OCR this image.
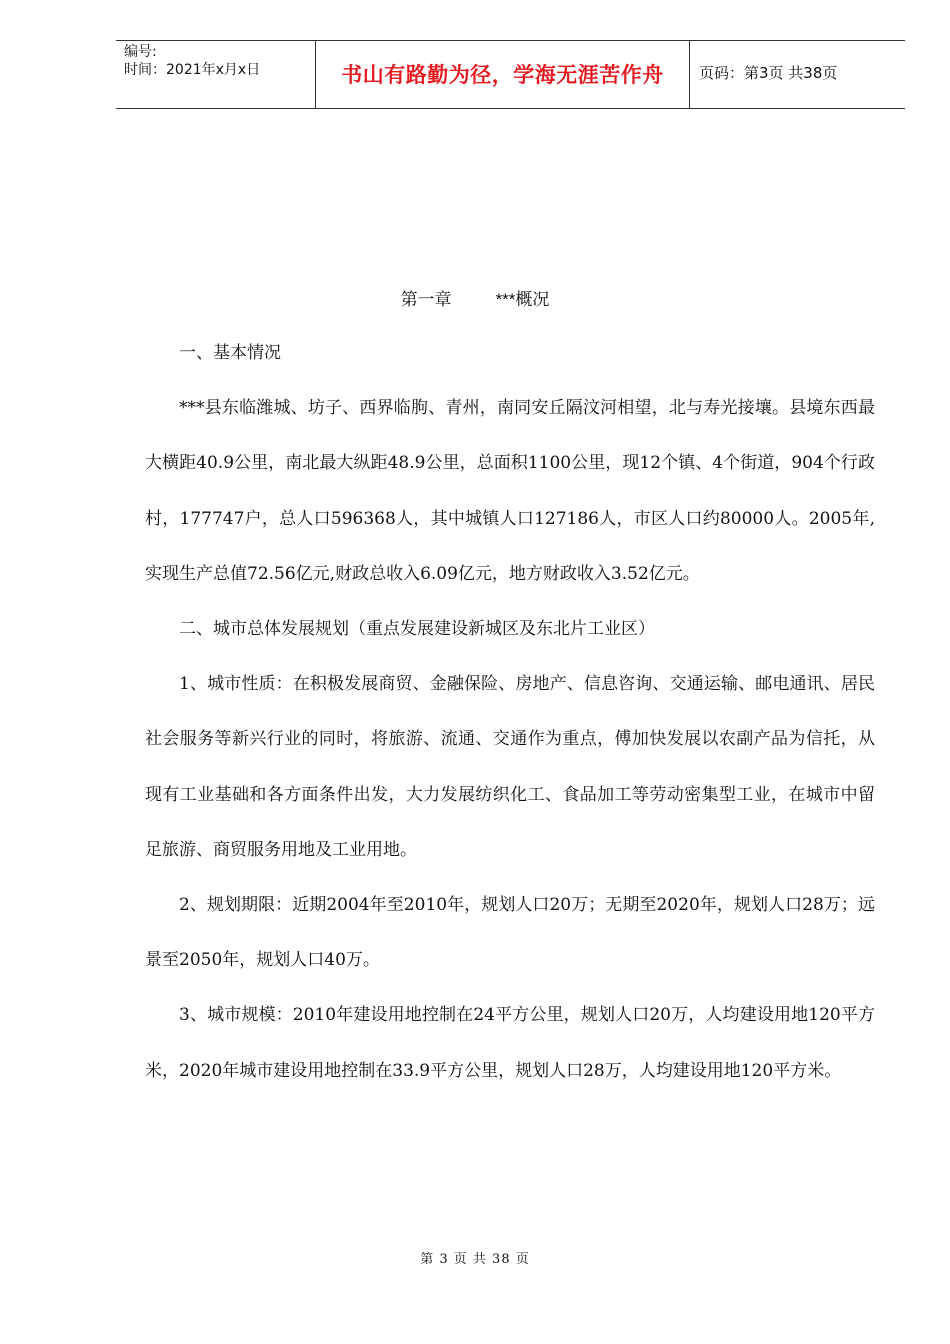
编号:
时间：2021年x月x日	书山有路勤为径，学海无涯苦作舟	页码：第3页 共38页
第一章	***概况

一、基本情况

***县东临潍城、坊子、西界临朐、青州，南同安丘隔汶河相望，北与寿光接壤。县境东西最大横距40.9公里，南北最大纵距48.9公里，总面积1100公里，现12个镇、4个街道，904个行政村，177747户，总人口596368人，其中城镇人口127186人，市区人口约80000人。2005年,实现生产总值72.56亿元,财政总收入6.09亿元，地方财政收入3.52亿元。

二、城市总体发展规划（重点发展建设新城区及东北片工业区）

1、城市性质：在积极发展商贸、金融保险、房地产、信息咨询、交通运输、邮电通讯、居民社会服务等新兴行业的同时，将旅游、流通、交通作为重点，傅加快发展以农副产品为信托，从现有工业基础和各方面条件出发，大力发展纺织化工、食品加工等劳动密集型工业，在城市中留足旅游、商贸服务用地及工业用地。

2、规划期限：近期2004年至2010年，规划人口20万；无期至2020年，规划人口28万；远景至2050年，规划人口40万。

3、城市规模：2010年建设用地控制在24平方公里，规划人口20万，人均建设用地120平方米，2020年城市建设用地控制在33.9平方公里，规划人口28万，人均建设用地120平方米。

第 3 页 共 38 页
